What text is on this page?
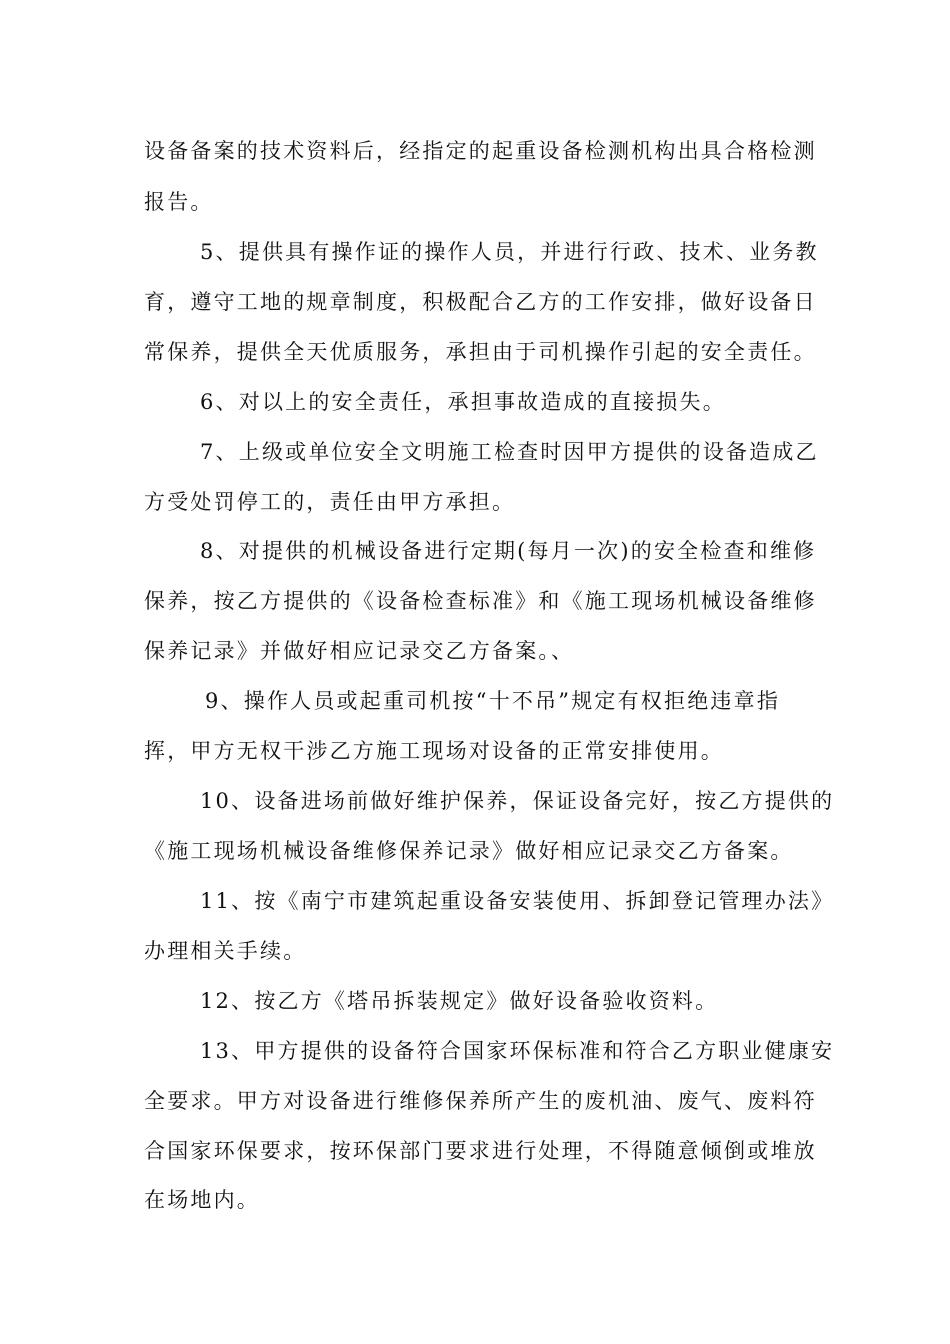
设备备案的技术资料后，经指定的起重设备检测机构出具合格检测
报告。
5、提供具有操作证的操作人员，并进行行政、技术、业务教
育，遵守工地的规章制度，积极配合乙方的工作安排，做好设备日
常保养，提供全天优质服务，承担由于司机操作引起的安全责任。
6、对以上的安全责任，承担事故造成的直接损失。
7、上级或单位安全文明施工检查时因甲方提供的设备造成乙
方受处罚停工的，责任由甲方承担。
8、对提供的机械设备进行定期(每月一次)的安全检查和维修
保养，按乙方提供的《设备检查标准》和《施工现场机械设备维修
保养记录》并做好相应记录交乙方备案。、
9、操作人员或起重司机按“十不吊”规定有权拒绝违章指
挥，甲方无权干涉乙方施工现场对设备的正常安排使用。
10、设备进场前做好维护保养，保证设备完好，按乙方提供的
《施工现场机械设备维修保养记录》做好相应记录交乙方备案。
11、按《南宁市建筑起重设备安装使用、拆卸登记管理办法》
办理相关手续。
12、按乙方《塔吊拆装规定》做好设备验收资料。
13、甲方提供的设备符合国家环保标准和符合乙方职业健康安
全要求。甲方对设备进行维修保养所产生的废机油、废气、废料符
合国家环保要求，按环保部门要求进行处理，不得随意倾倒或堆放
在场地内。
